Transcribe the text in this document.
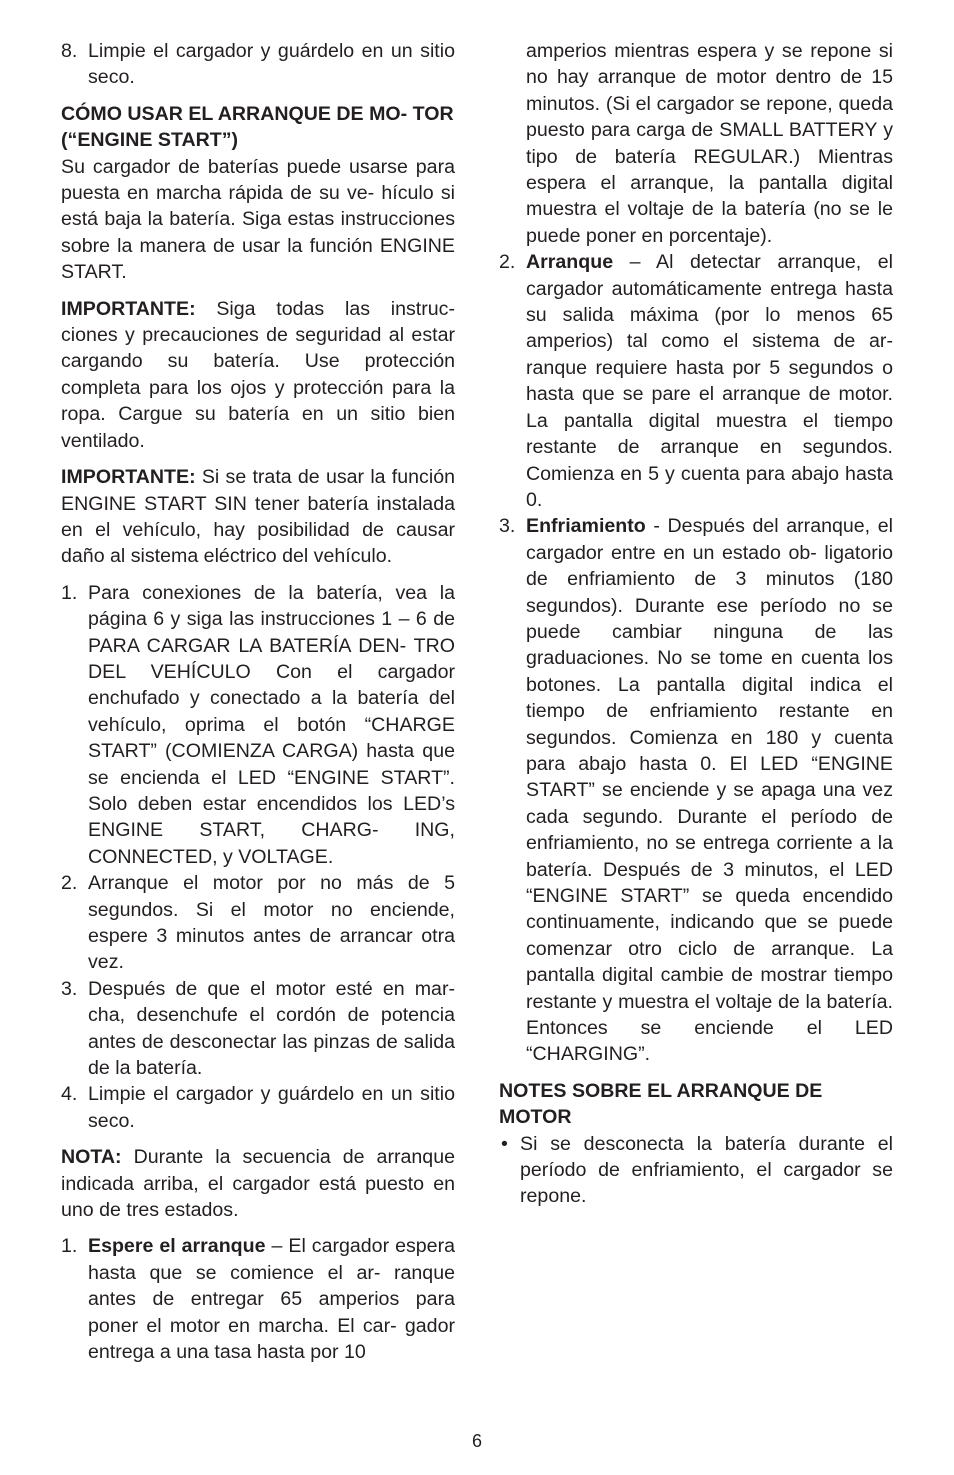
8. Limpie el cargador y guárdelo en un sitio seco.

CÓMO USAR EL ARRANQUE DE MO- TOR (“ENGINE START”)

Su cargador de baterías puede usarse para puesta en marcha rápida de su ve- hículo si está baja la batería. Siga estas instrucciones sobre la manera de usar la función ENGINE START.

IMPORTANTE: Siga todas las instruc- ciones y precauciones de seguridad al estar cargando su batería. Use protección completa para los ojos y protección para la ropa. Cargue su batería en un sitio bien ventilado.

IMPORTANTE: Si se trata de usar la función ENGINE START SIN tener batería instalada en el vehículo, hay posibilidad de causar daño al sistema eléctrico del vehículo.

1. Para conexiones de la batería, vea la página 6 y siga las instrucciones 1 – 6 de PARA CARGAR LA BATERÍA DEN- TRO DEL VEHÍCULO Con el cargador enchufado y conectado a la batería del vehículo, oprima el botón “CHARGE START” (COMIENZA CARGA) hasta que se encienda el LED “ENGINE START”. Solo deben estar encendidos los LED’s ENGINE START, CHARG- ING, CONNECTED, y VOLTAGE.
2. Arranque el motor por no más de 5 segundos. Si el motor no enciende, espere 3 minutos antes de arrancar otra vez.
3. Después de que el motor esté en mar- cha, desenchufe el cordón de potencia antes de desconectar las pinzas de salida de la batería.
4. Limpie el cargador y guárdelo en un sitio seco.

NOTA: Durante la secuencia de arranque indicada arriba, el cargador está puesto en uno de tres estados.

1. Espere el arranque – El cargador espera hasta que se comience el ar- ranque antes de entregar 65 amperios para poner el motor en marcha. El car- gador entrega a una tasa hasta por 10
amperios mientras espera y se repone si no hay arranque de motor dentro de 15 minutos. (Si el cargador se repone, queda puesto para carga de SMALL BATTERY y tipo de batería REGULAR.) Mientras espera el arranque, la pantalla digital muestra el voltaje de la batería (no se le puede poner en porcentaje).
2. Arranque – Al detectar arranque, el cargador automáticamente entrega hasta su salida máxima (por lo menos 65 amperios) tal como el sistema de ar- ranque requiere hasta por 5 segundos o hasta que se pare el arranque de motor. La pantalla digital muestra el tiempo restante de arranque en segundos. Comienza en 5 y cuenta para abajo hasta 0.
3. Enfriamiento - Después del arranque, el cargador entre en un estado ob- ligatorio de enfriamiento de 3 minutos (180 segundos). Durante ese período no se puede cambiar ninguna de las graduaciones. No se tome en cuenta los botones. La pantalla digital indica el tiempo de enfriamiento restante en segundos. Comienza en 180 y cuenta para abajo hasta 0. El LED “ENGINE START” se enciende y se apaga una vez cada segundo. Durante el período de enfriamiento, no se entrega corriente a la batería. Después de 3 minutos, el LED “ENGINE START” se queda encendido continuamente, indicando que se puede comenzar otro ciclo de arranque. La pantalla digital cambie de mostrar tiempo restante y muestra el voltaje de la batería. Entonces se enciende el LED “CHARGING”.

NOTES SOBRE EL ARRANQUE DE MOTOR

• Si se desconecta la batería durante el período de enfriamiento, el cargador se repone.
6
